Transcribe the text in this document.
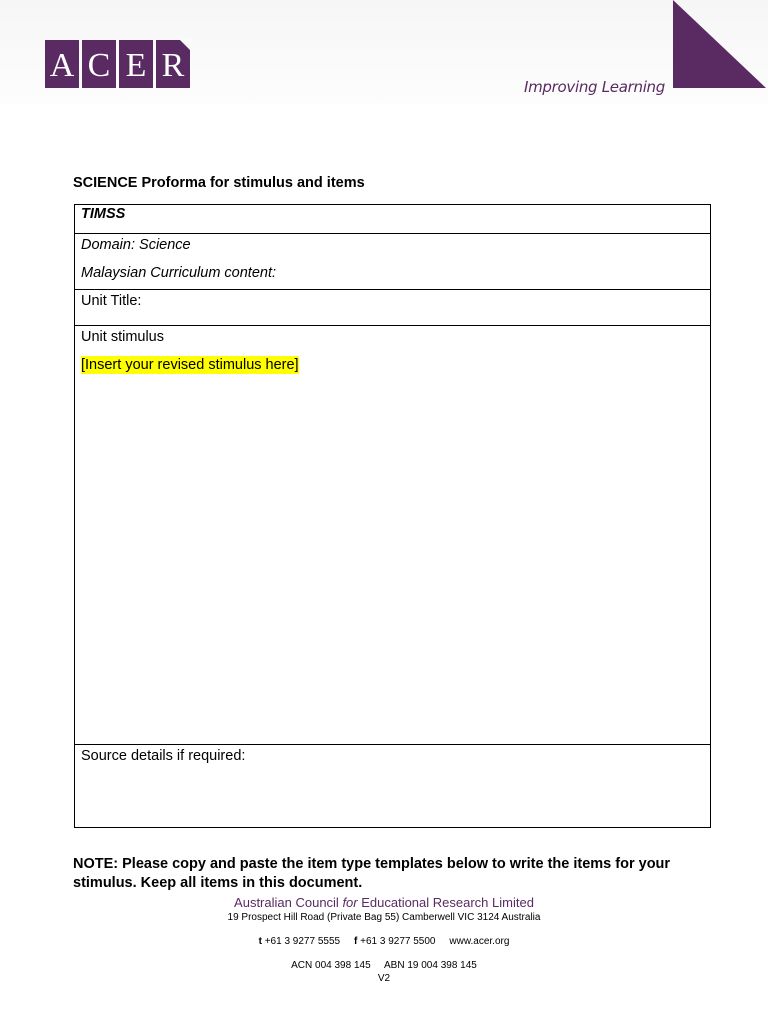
A C E R
Improving Learning
SCIENCE Proforma for stimulus and items
TIMSS

Domain: Science
Malaysian Curriculum content:

Unit Title:

Unit stimulus
[Insert your revised stimulus here]

Source details if required:
NOTE: Please copy and paste the item type templates below to write the items for your stimulus. Keep all items in this document.
Australian Council for Educational Research Limited
19 Prospect Hill Road (Private Bag 55) Camberwell VIC 3124 Australia
t +61 3 9277 5555 f +61 3 9277 5500 www.acer.org
ACN 004 398 145 ABN 19 004 398 145
V2
